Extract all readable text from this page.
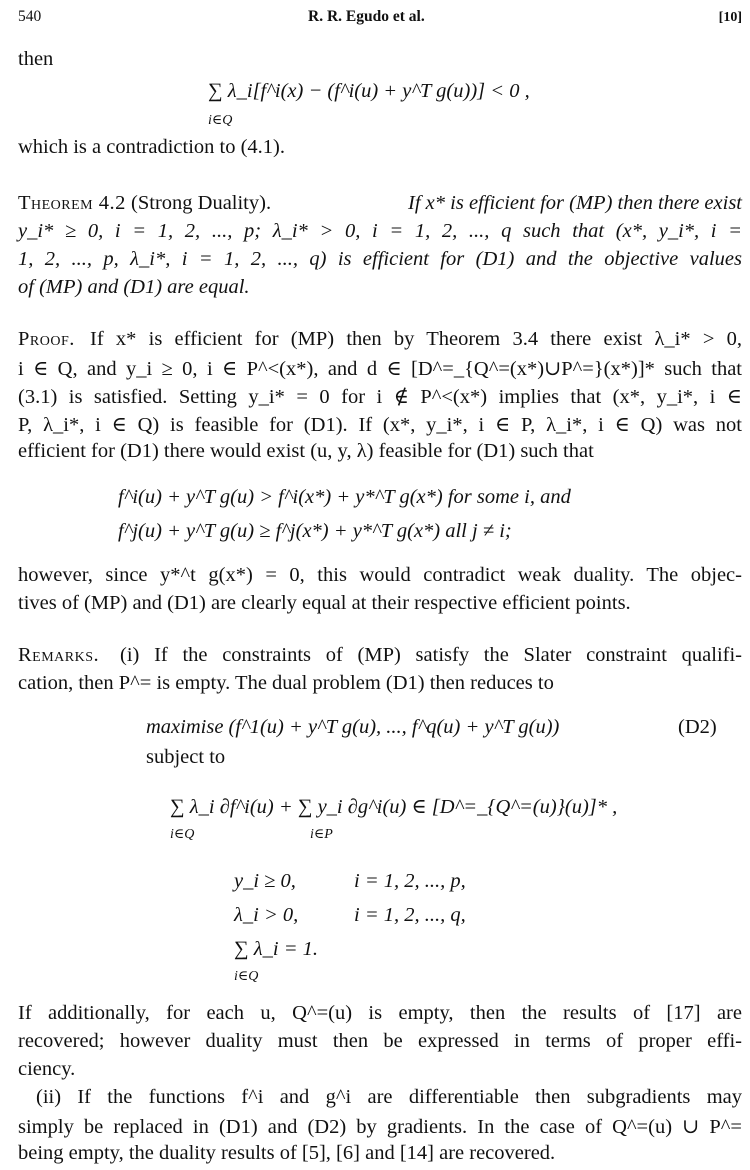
540	R. R. Egudo et al.	[10]
then
∑ λ_i[f^i(x) − (f^i(u) + y^T g(u))] < 0 ,
i∈Q
which is a contradiction to (4.1).
Theorem 4.2 (Strong Duality).	If x* is efficient for (MP) then there exist
y_i* ≥ 0, i = 1, 2, ..., p; λ_i* > 0, i = 1, 2, ..., q such that (x*, y_i*, i =
1, 2, ..., p, λ_i*, i = 1, 2, ..., q) is efficient for (D1) and the objective values
of (MP) and (D1) are equal.
Proof. If x* is efficient for (MP) then by Theorem 3.4 there exist λ_i* > 0,
i ∈ Q, and y_i ≥ 0, i ∈ P^<(x*), and d ∈ [D^=_{Q^=(x*)∪P^=}(x*)]* such that
(3.1) is satisfied. Setting y_i* = 0 for i ∉ P^<(x*) implies that (x*, y_i*, i ∈
P, λ_i*, i ∈ Q) is feasible for (D1). If (x*, y_i*, i ∈ P, λ_i*, i ∈ Q) was not
efficient for (D1) there would exist (u, y, λ) feasible for (D1) such that
f^i(u) + y^T g(u) > f^i(x*) + y*^T g(x*) for some i, and
f^j(u) + y^T g(u) ≥ f^j(x*) + y*^T g(x*) all j ≠ i;
however, since y*^t g(x*) = 0, this would contradict weak duality. The objec-
tives of (MP) and (D1) are clearly equal at their respective efficient points.
Remarks. (i) If the constraints of (MP) satisfy the Slater constraint qualifi-
cation, then P^= is empty. The dual problem (D1) then reduces to
maximise (f^1(u) + y^T g(u), ..., f^q(u) + y^T g(u))	(D2)
subject to
∑ λ_i ∂f^i(u) + ∑ y_i ∂g^i(u) ∈ [D^=_{Q^=(u)}(u)]* ,
i∈Q	i∈P
y_i ≥ 0,	i = 1, 2, ..., p,
λ_i > 0,	i = 1, 2, ..., q,
∑ λ_i = 1.
i∈Q
If additionally, for each u, Q^=(u) is empty, then the results of [17] are
recovered; however duality must then be expressed in terms of proper effi-
ciency.
(ii) If the functions f^i and g^i are differentiable then subgradients may
simply be replaced in (D1) and (D2) by gradients. In the case of Q^=(u) ∪ P^=
being empty, the duality results of [5], [6] and [14] are recovered.
